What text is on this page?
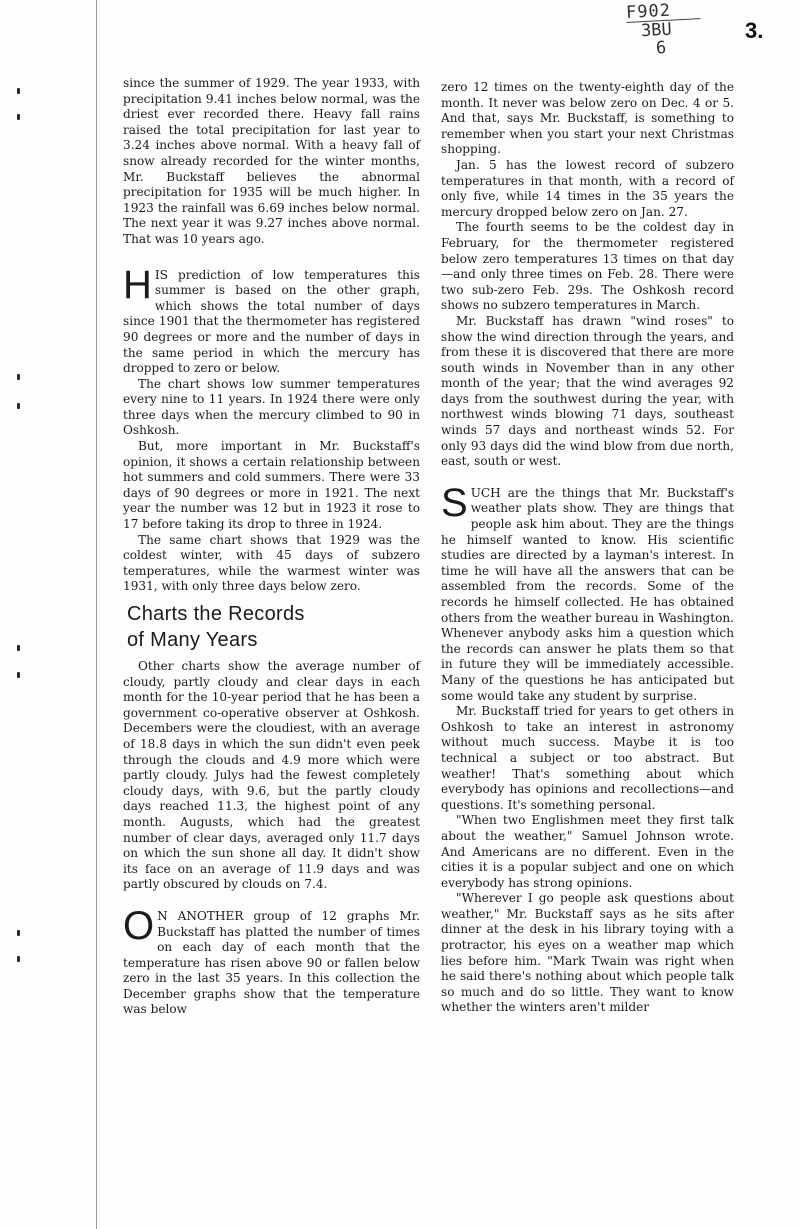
F902
3BU
6
3.

since the summer of 1929. The year 1933, with precipitation 9.41 inches below normal, was the driest ever recorded there. Heavy fall rains raised the total precipitation for last year to 3.24 inches above normal. With a heavy fall of snow already recorded for the winter months, Mr. Buckstaff believes the abnormal precipitation for 1935 will be much higher. In 1923 the rainfall was 6.69 inches below normal. The next year it was 9.27 inches above normal. That was 10 years ago.

HIS prediction of low temperatures this summer is based on the other graph, which shows the total number of days since 1901 that the thermometer has registered 90 degrees or more and the number of days in the same period in which the mercury has dropped to zero or below.

The chart shows low summer temperatures every nine to 11 years. In 1924 there were only three days when the mercury climbed to 90 in Oshkosh.

But, more important in Mr. Buckstaff's opinion, it shows a certain relationship between hot summers and cold summers. There were 33 days of 90 degrees or more in 1921. The next year the number was 12 but in 1923 it rose to 17 before taking its drop to three in 1924.

The same chart shows that 1929 was the coldest winter, with 45 days of subzero temperatures, while the warmest winter was 1931, with only three days below zero.

Charts the Records
of Many Years

Other charts show the average number of cloudy, partly cloudy and clear days in each month for the 10-year period that he has been a government co-operative observer at Oshkosh. Decembers were the cloudiest, with an average of 18.8 days in which the sun didn't even peek through the clouds and 4.9 more which were partly cloudy. Julys had the fewest completely cloudy days, with 9.6, but the partly cloudy days reached 11.3, the highest point of any month. Augusts, which had the greatest number of clear days, averaged only 11.7 days on which the sun shone all day. It didn't show its face on an average of 11.9 days and was partly obscured by clouds on 7.4.

ON ANOTHER group of 12 graphs Mr. Buckstaff has platted the number of times on each day of each month that the temperature has risen above 90 or fallen below zero in the last 35 years. In this collection the December graphs show that the temperature was below

zero 12 times on the twenty-eighth day of the month. It never was below zero on Dec. 4 or 5. And that, says Mr. Buckstaff, is something to remember when you start your next Christmas shopping.

Jan. 5 has the lowest record of subzero temperatures in that month, with a record of only five, while 14 times in the 35 years the mercury dropped below zero on Jan. 27.

The fourth seems to be the coldest day in February, for the thermometer registered below zero temperatures 13 times on that day—and only three times on Feb. 28. There were two sub-zero Feb. 29s. The Oshkosh record shows no subzero temperatures in March.

Mr. Buckstaff has drawn "wind roses" to show the wind direction through the years, and from these it is discovered that there are more south winds in November than in any other month of the year; that the wind averages 92 days from the southwest during the year, with northwest winds blowing 71 days, southeast winds 57 days and northeast winds 52. For only 93 days did the wind blow from due north, east, south or west.

SUCH are the things that Mr. Buckstaff's weather plats show. They are things that people ask him about. They are the things he himself wanted to know. His scientific studies are directed by a layman's interest. In time he will have all the answers that can be assembled from the records. Some of the records he himself collected. He has obtained others from the weather bureau in Washington. Whenever anybody asks him a question which the records can answer he plats them so that in future they will be immediately accessible. Many of the questions he has anticipated but some would take any student by surprise.

Mr. Buckstaff tried for years to get others in Oshkosh to take an interest in astronomy without much success. Maybe it is too technical a subject or too abstract. But weather! That's something about which everybody has opinions and recollections—and questions. It's something personal.

"When two Englishmen meet they first talk about the weather," Samuel Johnson wrote. And Americans are no different. Even in the cities it is a popular subject and one on which everybody has strong opinions.

"Wherever I go people ask questions about weather," Mr. Buckstaff says as he sits after dinner at the desk in his library toying with a protractor, his eyes on a weather map which lies before him. "Mark Twain was right when he said there's nothing about which people talk so much and do so little. They want to know whether the winters aren't milder
